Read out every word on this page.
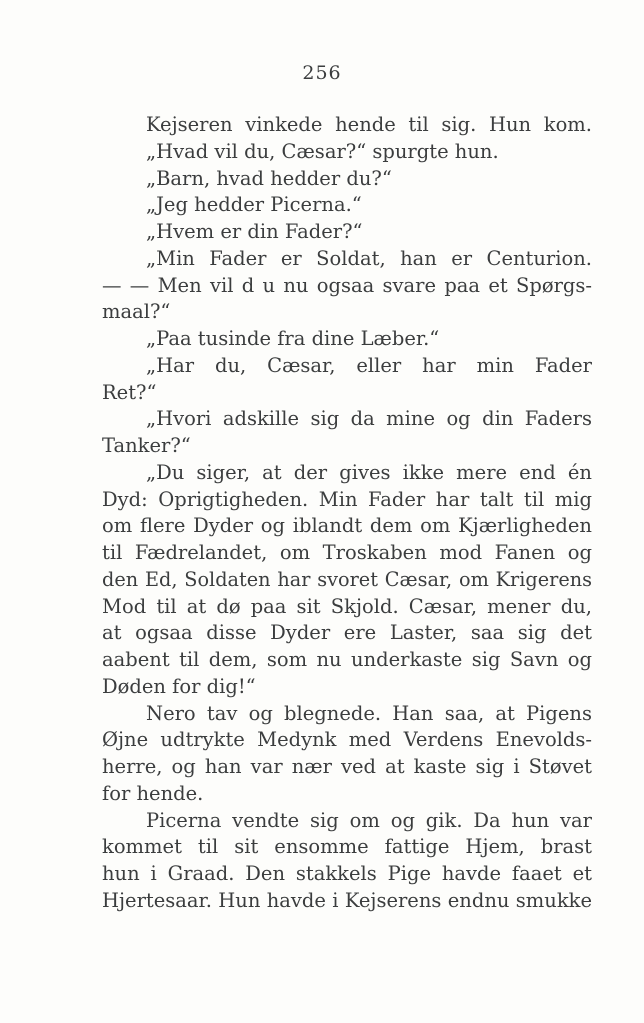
256
Kejseren vinkede hende til sig. Hun kom.
„Hvad vil du, Cæsar?“ spurgte hun.
„Barn, hvad hedder du?“
„Jeg hedder Picerna.“
„Hvem er din Fader?“
„Min Fader er Soldat, han er Centurion.
— — Men vil d u nu ogsaa svare paa et Spørgs-
maal?“
„Paa tusinde fra dine Læber.“
„Har du, Cæsar, eller har min Fader
Ret?“
„Hvori adskille sig da mine og din Faders
Tanker?“
„Du siger, at der gives ikke mere end én
Dyd: Oprigtigheden. Min Fader har talt til mig
om flere Dyder og iblandt dem om Kjærligheden
til Fædrelandet, om Troskaben mod Fanen og
den Ed, Soldaten har svoret Cæsar, om Krigerens
Mod til at dø paa sit Skjold. Cæsar, mener du,
at ogsaa disse Dyder ere Laster, saa sig det
aabent til dem, som nu underkaste sig Savn og
Døden for dig!“
Nero tav og blegnede. Han saa, at Pigens
Øjne udtrykte Medynk med Verdens Enevolds-
herre, og han var nær ved at kaste sig i Støvet
for hende.
Picerna vendte sig om og gik. Da hun var
kommet til sit ensomme fattige Hjem, brast
hun i Graad. Den stakkels Pige havde faaet et
Hjertesaar. Hun havde i Kejserens endnu smukke
